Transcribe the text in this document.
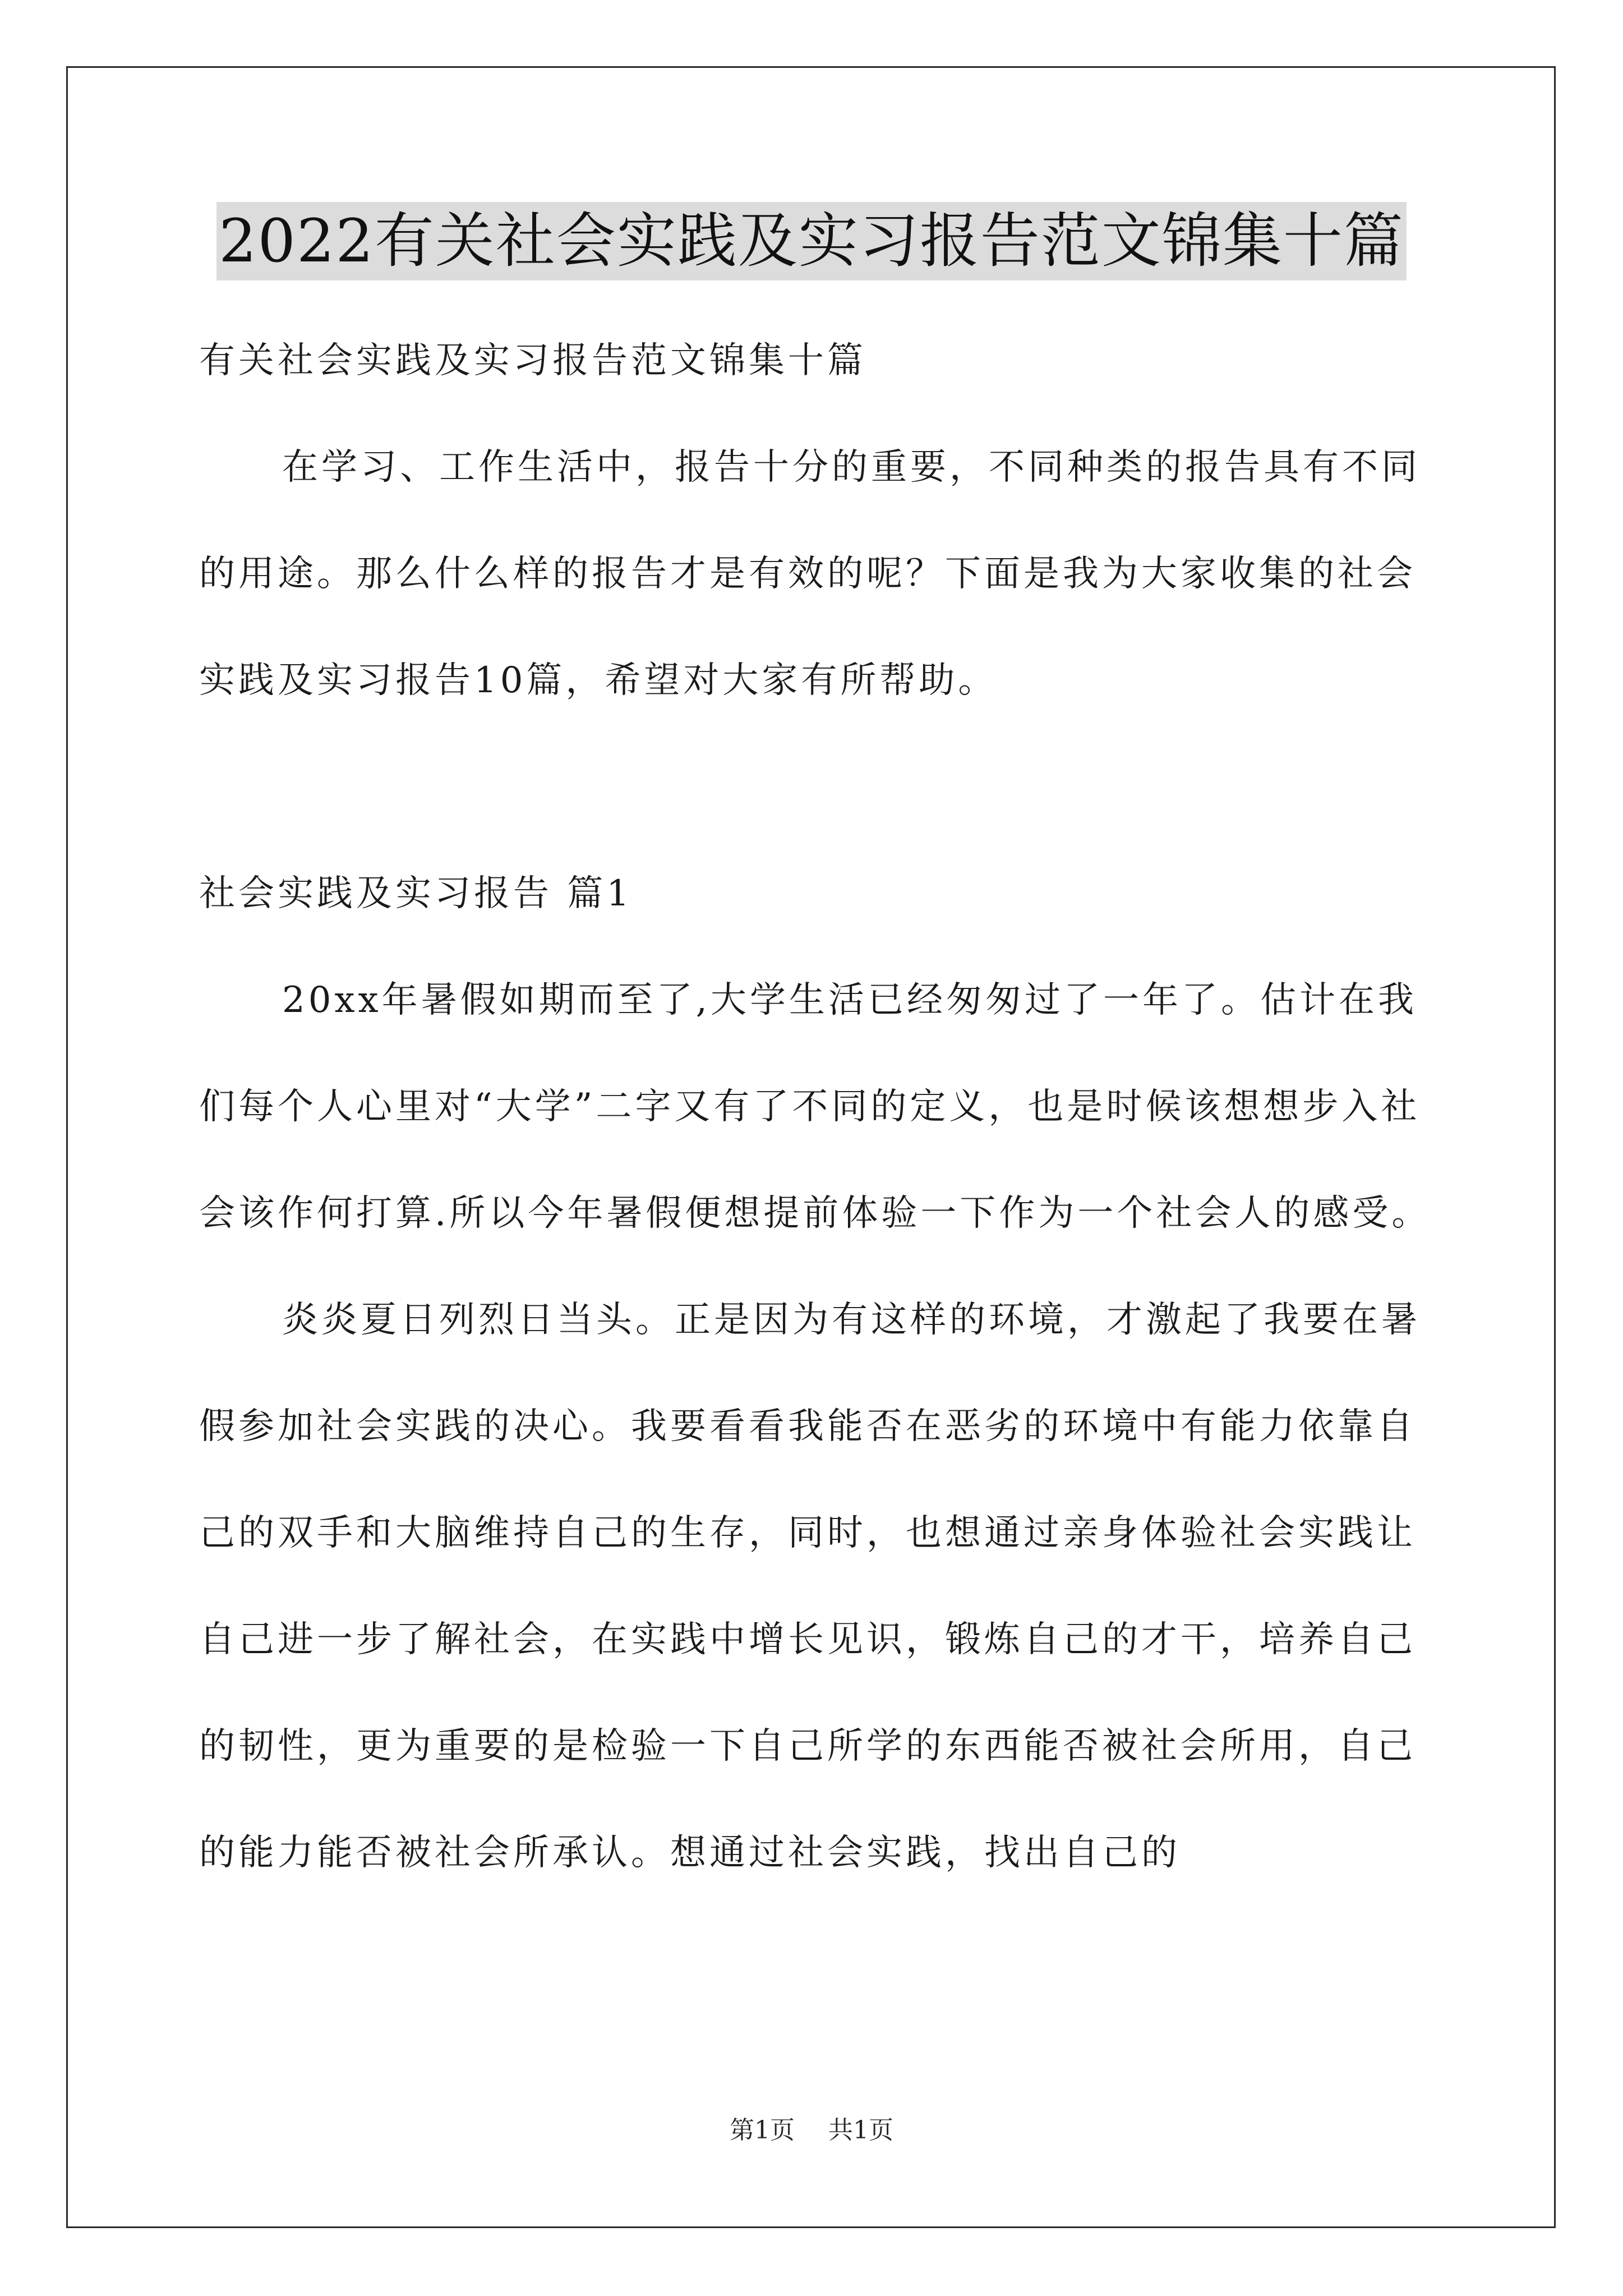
2022有关社会实践及实习报告范文锦集十篇

有关社会实践及实习报告范文锦集十篇

在学习、工作生活中，报告十分的重要，不同种类的报告具有不同的用途。那么什么样的报告才是有效的呢？下面是我为大家收集的社会实践及实习报告10篇，希望对大家有所帮助。

社会实践及实习报告 篇1

20xx年暑假如期而至了,大学生活已经匆匆过了一年了。估计在我们每个人心里对“大学”二字又有了不同的定义，也是时候该想想步入社会该作何打算.所以今年暑假便想提前体验一下作为一个社会人的感受。

炎炎夏日列烈日当头。正是因为有这样的环境，才激起了我要在暑假参加社会实践的决心。我要看看我能否在恶劣的环境中有能力依靠自己的双手和大脑维持自己的生存，同时，也想通过亲身体验社会实践让自己进一步了解社会，在实践中增长见识，锻炼自己的才干，培养自己的韧性，更为重要的是检验一下自己所学的东西能否被社会所用，自己的能力能否被社会所承认。想通过社会实践，找出自己的

第1页 共1页
